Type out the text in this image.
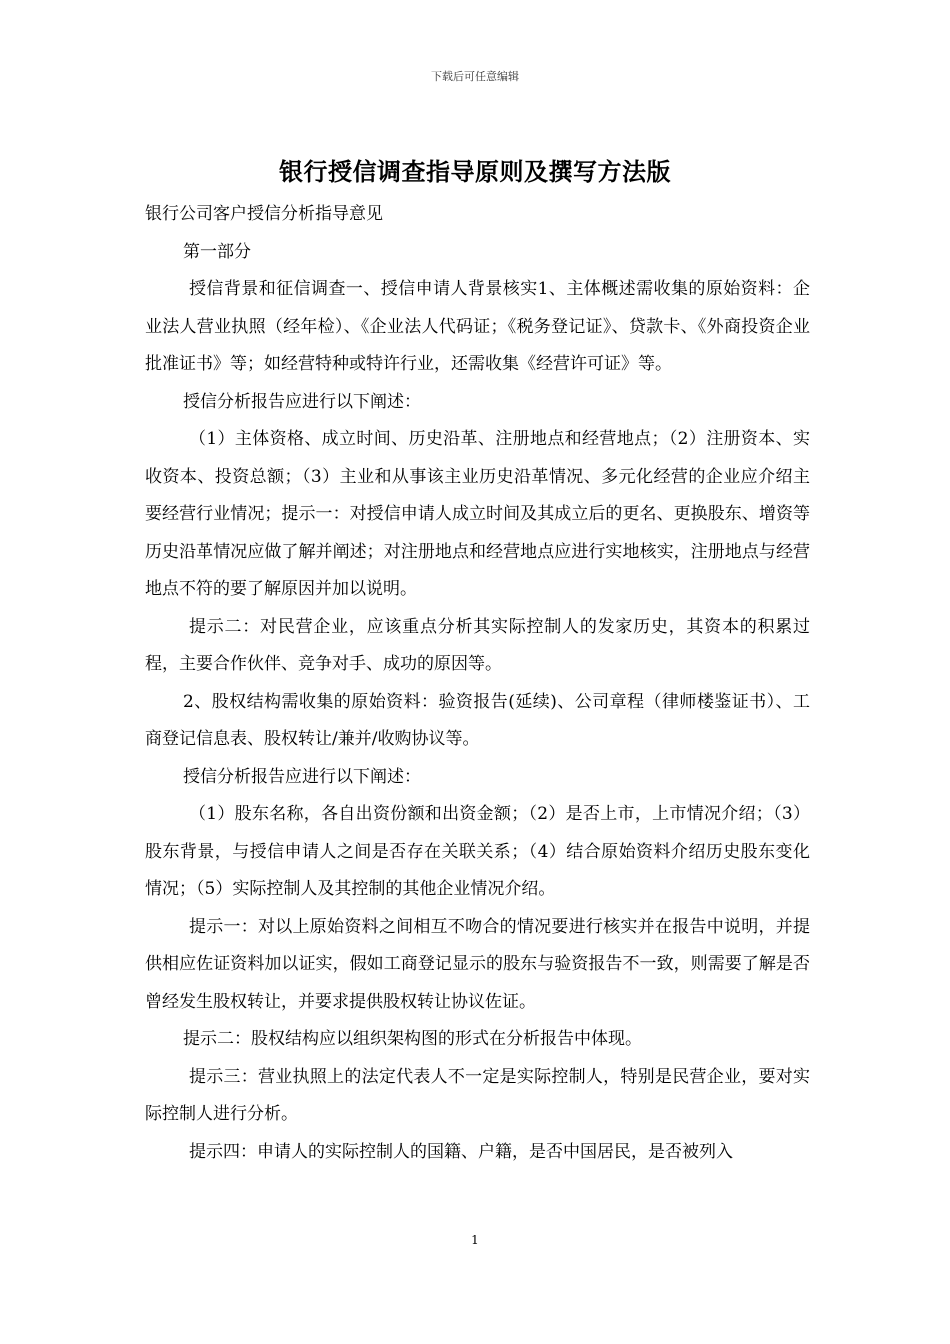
下载后可任意编辑
银行授信调查指导原则及撰写方法版

银行公司客户授信分析指导意见

第一部分

授信背景和征信调查一、授信申请人背景核实1、主体概述需收集的原始资料：企业法人营业执照（经年检）、《企业法人代码证；《税务登记证》、贷款卡、《外商投资企业批准证书》等；如经营特种或特许行业，还需收集《经营许可证》等。

授信分析报告应进行以下阐述：

（1）主体资格、成立时间、历史沿革、注册地点和经营地点；（2）注册资本、实收资本、投资总额；（3）主业和从事该主业历史沿革情况、多元化经营的企业应介绍主要经营行业情况；提示一：对授信申请人成立时间及其成立后的更名、更换股东、增资等历史沿革情况应做了解并阐述；对注册地点和经营地点应进行实地核实，注册地点与经营地点不符的要了解原因并加以说明。

提示二：对民营企业，应该重点分析其实际控制人的发家历史，其资本的积累过程，主要合作伙伴、竞争对手、成功的原因等。

2、股权结构需收集的原始资料：验资报告(延续)、公司章程（律师楼鉴证书）、工商登记信息表、股权转让/兼并/收购协议等。

授信分析报告应进行以下阐述：

（1）股东名称，各自出资份额和出资金额；（2）是否上市，上市情况介绍；（3）股东背景，与授信申请人之间是否存在关联关系；（4）结合原始资料介绍历史股东变化情况；（5）实际控制人及其控制的其他企业情况介绍。

提示一：对以上原始资料之间相互不吻合的情况要进行核实并在报告中说明，并提供相应佐证资料加以证实，假如工商登记显示的股东与验资报告不一致，则需要了解是否曾经发生股权转让，并要求提供股权转让协议佐证。

提示二：股权结构应以组织架构图的形式在分析报告中体现。

提示三：营业执照上的法定代表人不一定是实际控制人，特别是民营企业，要对实际控制人进行分析。

提示四：申请人的实际控制人的国籍、户籍，是否中国居民，是否被列入

1
